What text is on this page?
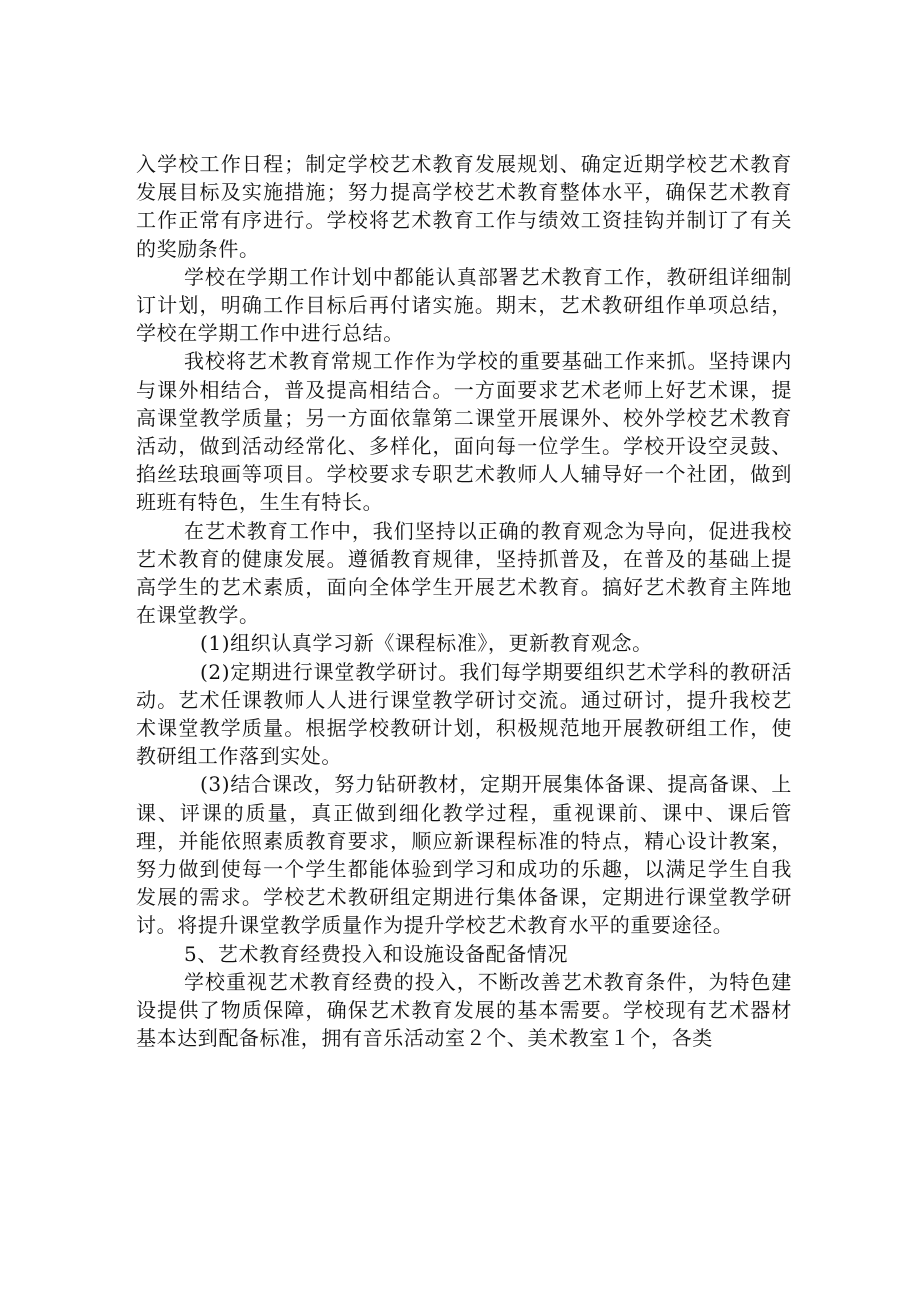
入学校工作日程；制定学校艺术教育发展规划、确定近期学校艺术教育发展目标及实施措施；努力提高学校艺术教育整体水平，确保艺术教育工作正常有序进行。学校将艺术教育工作与绩效工资挂钩并制订了有关的奖励条件。

学校在学期工作计划中都能认真部署艺术教育工作，教研组详细制订计划，明确工作目标后再付诸实施。期末，艺术教研组作单项总结，学校在学期工作中进行总结。

我校将艺术教育常规工作作为学校的重要基础工作来抓。坚持课内与课外相结合，普及提高相结合。一方面要求艺术老师上好艺术课，提高课堂教学质量；另一方面依靠第二课堂开展课外、校外学校艺术教育活动，做到活动经常化、多样化，面向每一位学生。学校开设空灵鼓、掐丝珐琅画等项目。学校要求专职艺术教师人人辅导好一个社团，做到班班有特色，生生有特长。

在艺术教育工作中，我们坚持以正确的教育观念为导向，促进我校艺术教育的健康发展。遵循教育规律，坚持抓普及，在普及的基础上提高学生的艺术素质，面向全体学生开展艺术教育。搞好艺术教育主阵地在课堂教学。

(1)组织认真学习新《课程标准》，更新教育观念。

(2)定期进行课堂教学研讨。我们每学期要组织艺术学科的教研活动。艺术任课教师人人进行课堂教学研讨交流。通过研讨，提升我校艺术课堂教学质量。根据学校教研计划，积极规范地开展教研组工作，使教研组工作落到实处。

(3)结合课改，努力钻研教材，定期开展集体备课、提高备课、上课、评课的质量，真正做到细化教学过程，重视课前、课中、课后管理，并能依照素质教育要求，顺应新课程标准的特点，精心设计教案，努力做到使每一个学生都能体验到学习和成功的乐趣，以满足学生自我发展的需求。学校艺术教研组定期进行集体备课，定期进行课堂教学研讨。将提升课堂教学质量作为提升学校艺术教育水平的重要途径。

5、艺术教育经费投入和设施设备配备情况

学校重视艺术教育经费的投入，不断改善艺术教育条件，为特色建设提供了物质保障，确保艺术教育发展的基本需要。学校现有艺术器材基本达到配备标准，拥有音乐活动室２个、美术教室１个，各类
